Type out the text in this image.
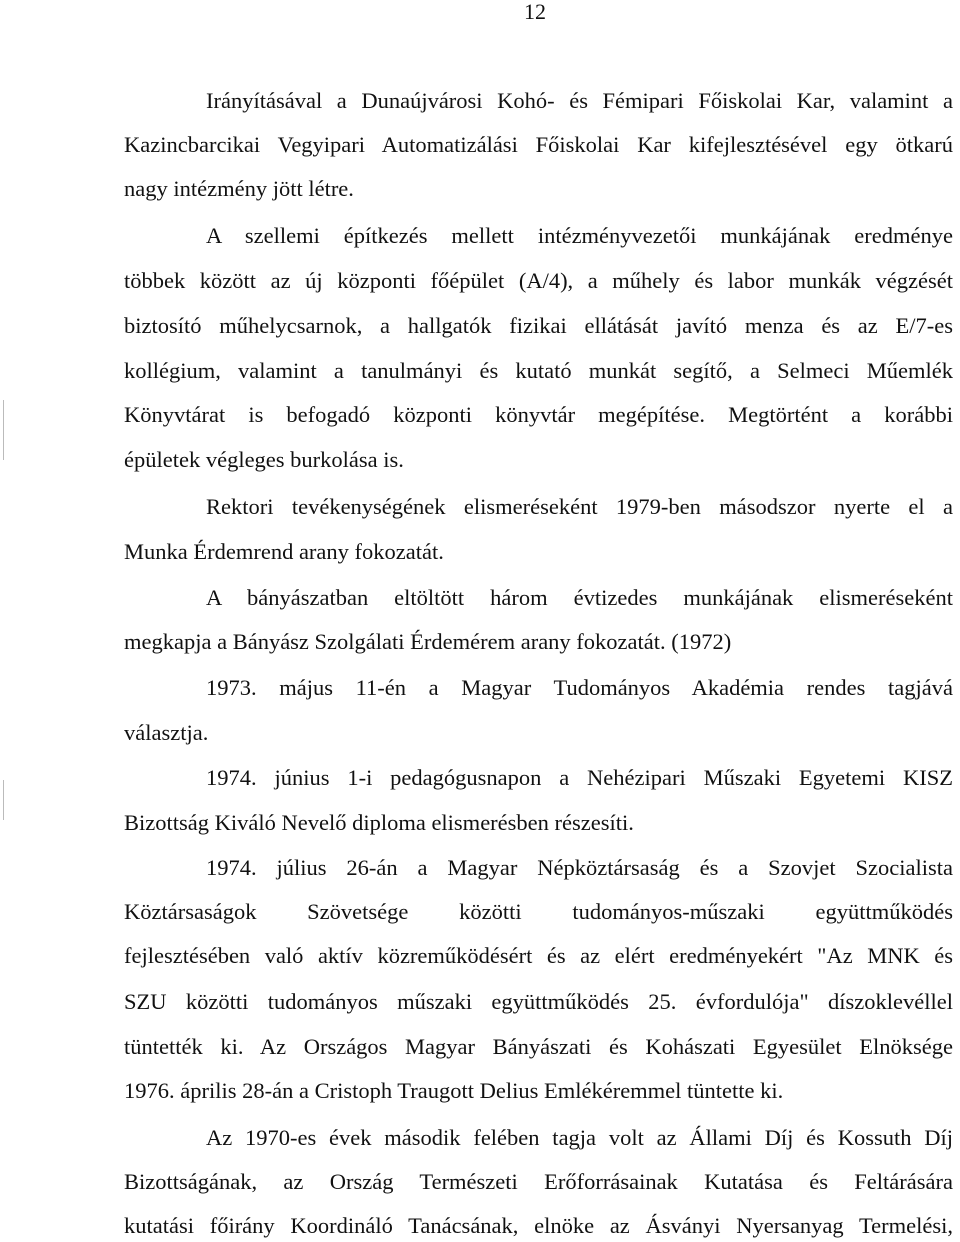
12
Irányításával a Dunaújvárosi Kohó- és Fémipari Főiskolai Kar, valamint a
Kazincbarcikai Vegyipari Automatizálási Főiskolai Kar kifejlesztésével egy ötkarú
nagy intézmény jött létre.
A szellemi építkezés mellett intézményvezetői munkájának eredménye
többek között az új központi főépület (A/4), a műhely és labor munkák végzését
biztosító műhelycsarnok, a hallgatók fizikai ellátását javító menza és az E/7-es
kollégium, valamint a tanulmányi és kutató munkát segítő, a Selmeci Műemlék
Könyvtárat is befogadó központi könyvtár megépítése. Megtörtént a korábbi
épületek végleges burkolása is.
Rektori tevékenységének elismeréseként 1979-ben másodszor nyerte el a
Munka Érdemrend arany fokozatát.
A bányászatban eltöltött három évtizedes munkájának elismeréseként
megkapja a Bányász Szolgálati Érdemérem arany fokozatát. (1972)
1973. május 11-én a Magyar Tudományos Akadémia rendes tagjává
választja.
1974. június 1-i pedagógusnapon a Nehézipari Műszaki Egyetemi KISZ
Bizottság Kiváló Nevelő diploma elismerésben részesíti.
1974. július 26-án a Magyar Népköztársaság és a Szovjet Szocialista
Köztársaságok Szövetsége közötti tudományos-műszaki együttműködés
fejlesztésében való aktív közreműködésért és az elért eredményekért "Az MNK és
SZU közötti tudományos műszaki együttműködés 25. évfordulója" díszoklevéllel
tüntették ki. Az Országos Magyar Bányászati és Kohászati Egyesület Elnöksége
1976. április 28-án a Cristoph Traugott Delius Emlékéremmel tüntette ki.
Az 1970-es évek második felében tagja volt az Állami Díj és Kossuth Díj
Bizottságának, az Ország Természeti Erőforrásainak Kutatása és Feltárására
kutatási főirány Koordináló Tanácsának, elnöke az Ásványi Nyersanyag Termelési,
